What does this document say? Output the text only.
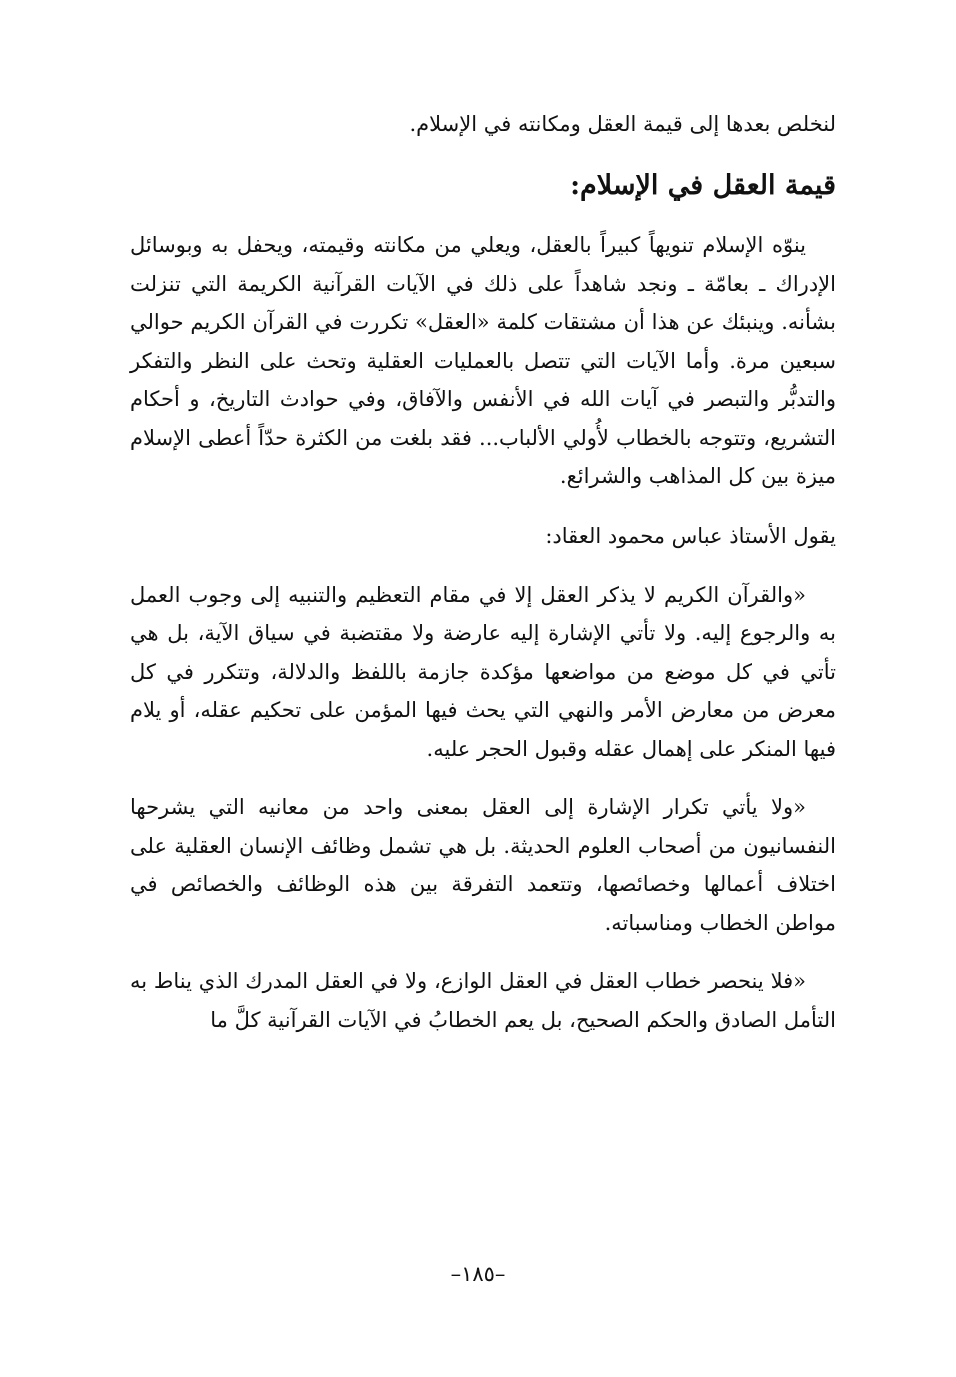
لنخلص بعدها إلى قيمة العقل ومكانته في الإسلام.

قيمة العقل في الإسلام:

ينوّه الإسلام تنويهاً كبيراً بالعقل، ويعلي من مكانته وقيمته، ويحفل به وبوسائل الإدراك ـ بعامّة ـ ونجد شاهداً على ذلك في الآيات القرآنية الكريمة التي تنزلت بشأنه. وينبئك عن هذا أن مشتقات كلمة «العقل» تكررت في القرآن الكريم حوالي سبعين مرة. وأما الآيات التي تتصل بالعمليات العقلية وتحث على النظر والتفكر والتدبُّر والتبصر في آيات الله في الأنفس والآفاق، وفي حوادث التاريخ، و أحكام التشريع، وتتوجه بالخطاب لأُولي الألباب... فقد بلغت من الكثرة حدّاً أعطى الإسلام ميزة بين كل المذاهب والشرائع.

يقول الأستاذ عباس محمود العقاد:

«والقرآن الكريم لا يذكر العقل إلا في مقام التعظيم والتنبيه إلى وجوب العمل به والرجوع إليه. ولا تأتي الإشارة إليه عارضة ولا مقتضبة في سياق الآية، بل هي تأتي في كل موضع من مواضعها مؤكدة جازمة باللفظ والدلالة، وتتكرر في كل معرض من معارض الأمر والنهي التي يحث فيها المؤمن على تحكيم عقله، أو يلام فيها المنكر على إهمال عقله وقبول الحجر عليه.

«ولا يأتي تكرار الإشارة إلى العقل بمعنى واحد من معانيه التي يشرحها النفسانيون من أصحاب العلوم الحديثة. بل هي تشمل وظائف الإنسان العقلية على اختلاف أعمالها وخصائصها، وتتعمد التفرقة بين هذه الوظائف والخصائص في مواطن الخطاب ومناسباته.

«فلا ينحصر خطاب العقل في العقل الوازع، ولا في العقل المدرك الذي يناط به التأمل الصادق والحكم الصحيح، بل يعم الخطابُ في الآيات القرآنية كلَّ ما

–١٨٥–
